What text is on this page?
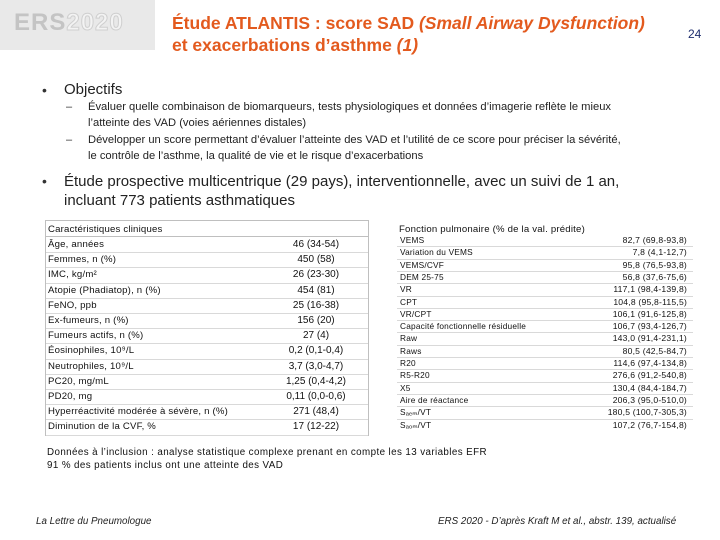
ERS2020	Étude ATLANTIS : score SAD (Small Airway Dysfunction)
et exacerbations d’asthme (1)
24
• Objectifs
– Évaluer quelle combinaison de biomarqueurs, tests physiologiques et données d’imagerie reflète le mieux
l’atteinte des VAD (voies aériennes distales)
– Développer un score permettant d’évaluer l’atteinte des VAD et l’utilité de ce score pour préciser la sévérité,
le contrôle de l’asthme, la qualité de vie et le risque d’exacerbations
• Étude prospective multicentrique (29 pays), interventionnelle, avec un suivi de 1 an,
incluant 773 patients asthmatiques
Caractéristiques cliniques
Âge, années	46 (34-54)
Femmes, n (%)	450 (58)
IMC, kg/m²	26 (23-30)
Atopie (Phadiatop), n (%)	454 (81)
FeNO, ppb	25 (16-38)
Ex-fumeurs, n (%)	156 (20)
Fumeurs actifs, n (%)	27 (4)
Éosinophiles, 10⁹/L	0,2 (0,1-0,4)
Neutrophiles, 10⁹/L	3,7 (3,0-4,7)
PC20, mg/mL	1,25 (0,4-4,2)
PD20, mg	0,11 (0,0-0,6)
Hyperréactivité modérée à sévère, n (%)	271 (48,4)
Diminution de la CVF, %	17 (12-22)
Fonction pulmonaire (% de la val. prédite)
VEMS	82,7 (69,8-93,8)
Variation du VEMS	7,8 (4,1-12,7)
VEMS/CVF	95,8 (76,5-93,8)
DEM 25-75	56,8 (37,6-75,6)
VR	117,1 (98,4-139,8)
CPT	104,8 (95,8-115,5)
VR/CPT	106,1 (91,6-125,8)
Capacité fonctionnelle résiduelle	106,7 (93,4-126,7)
Raw	143,0 (91,4-231,1)
Raws	80,5 (42,5-84,7)
R20	114,6 (97,4-134,8)
R5-R20	276,6 (91,2-540,8)
X5	130,4 (84,4-184,7)
Aire de réactance	206,3 (95,0-510,0)
Sₐₑₘ/VT	180,5 (100,7-305,3)
Sₐₒₘ/VT	107,2 (76,7-154,8)
Données à l’inclusion : analyse statistique complexe prenant en compte les 13 variables EFR
91 % des patients inclus ont une atteinte des VAD
La Lettre du Pneumologue	ERS 2020 - D’après Kraft M et al., abstr. 139, actualisé
